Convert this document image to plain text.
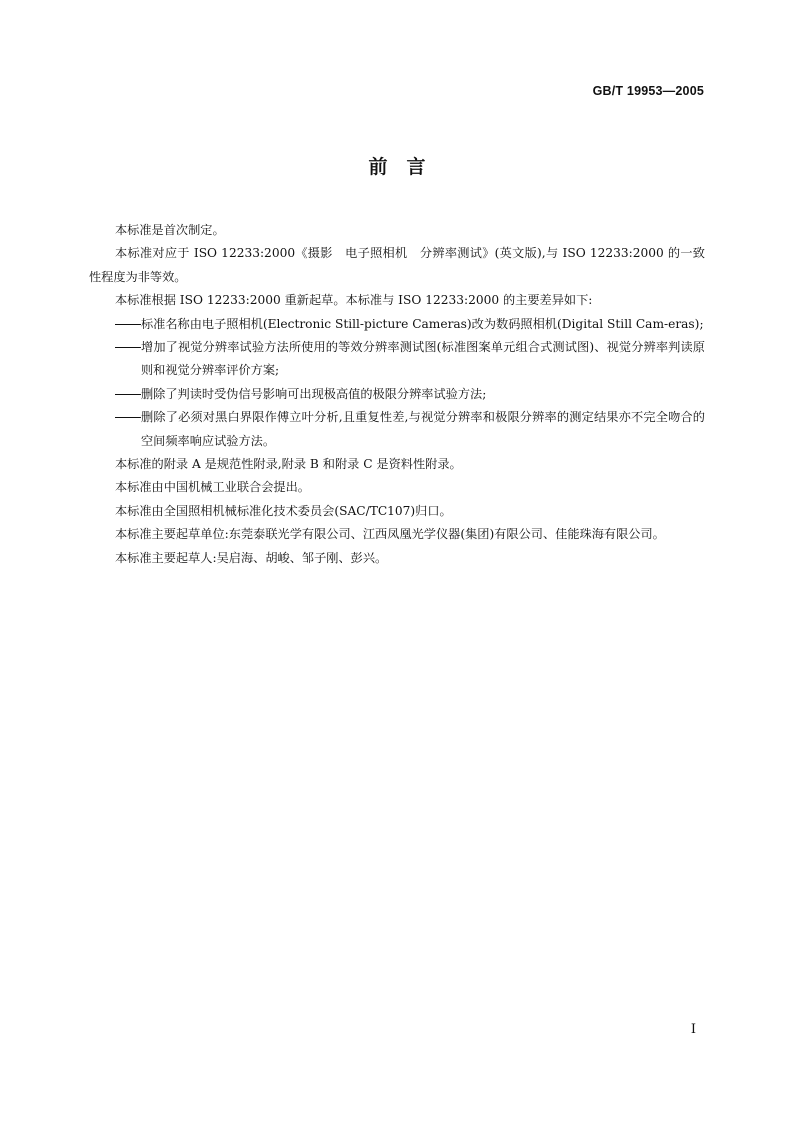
GB/T 19953—2005
前　言

本标准是首次制定。

本标准对应于 ISO 12233:2000《摄影　电子照相机　分辨率测试》(英文版),与 ISO 12233:2000 的一致性程度为非等效。

本标准根据 ISO 12233:2000 重新起草。本标准与 ISO 12233:2000 的主要差异如下:

标准名称由电子照相机(Electronic Still-picture Cameras)改为数码照相机(Digital Still Cam-eras);
增加了视觉分辨率试验方法所使用的等效分辨率测试图(标准图案单元组合式测试图)、视觉分辨率判读原则和视觉分辨率评价方案;
删除了判读时受伪信号影响可出现极高值的极限分辨率试验方法;
删除了必须对黑白界限作傅立叶分析,且重复性差,与视觉分辨率和极限分辨率的测定结果亦不完全吻合的空间频率响应试验方法。

本标准的附录 A 是规范性附录,附录 B 和附录 C 是资料性附录。

本标准由中国机械工业联合会提出。

本标准由全国照相机械标准化技术委员会(SAC/TC107)归口。

本标准主要起草单位:东莞泰联光学有限公司、江西凤凰光学仪器(集团)有限公司、佳能珠海有限公司。

本标准主要起草人:吴启海、胡峻、邹子刚、彭兴。

I
